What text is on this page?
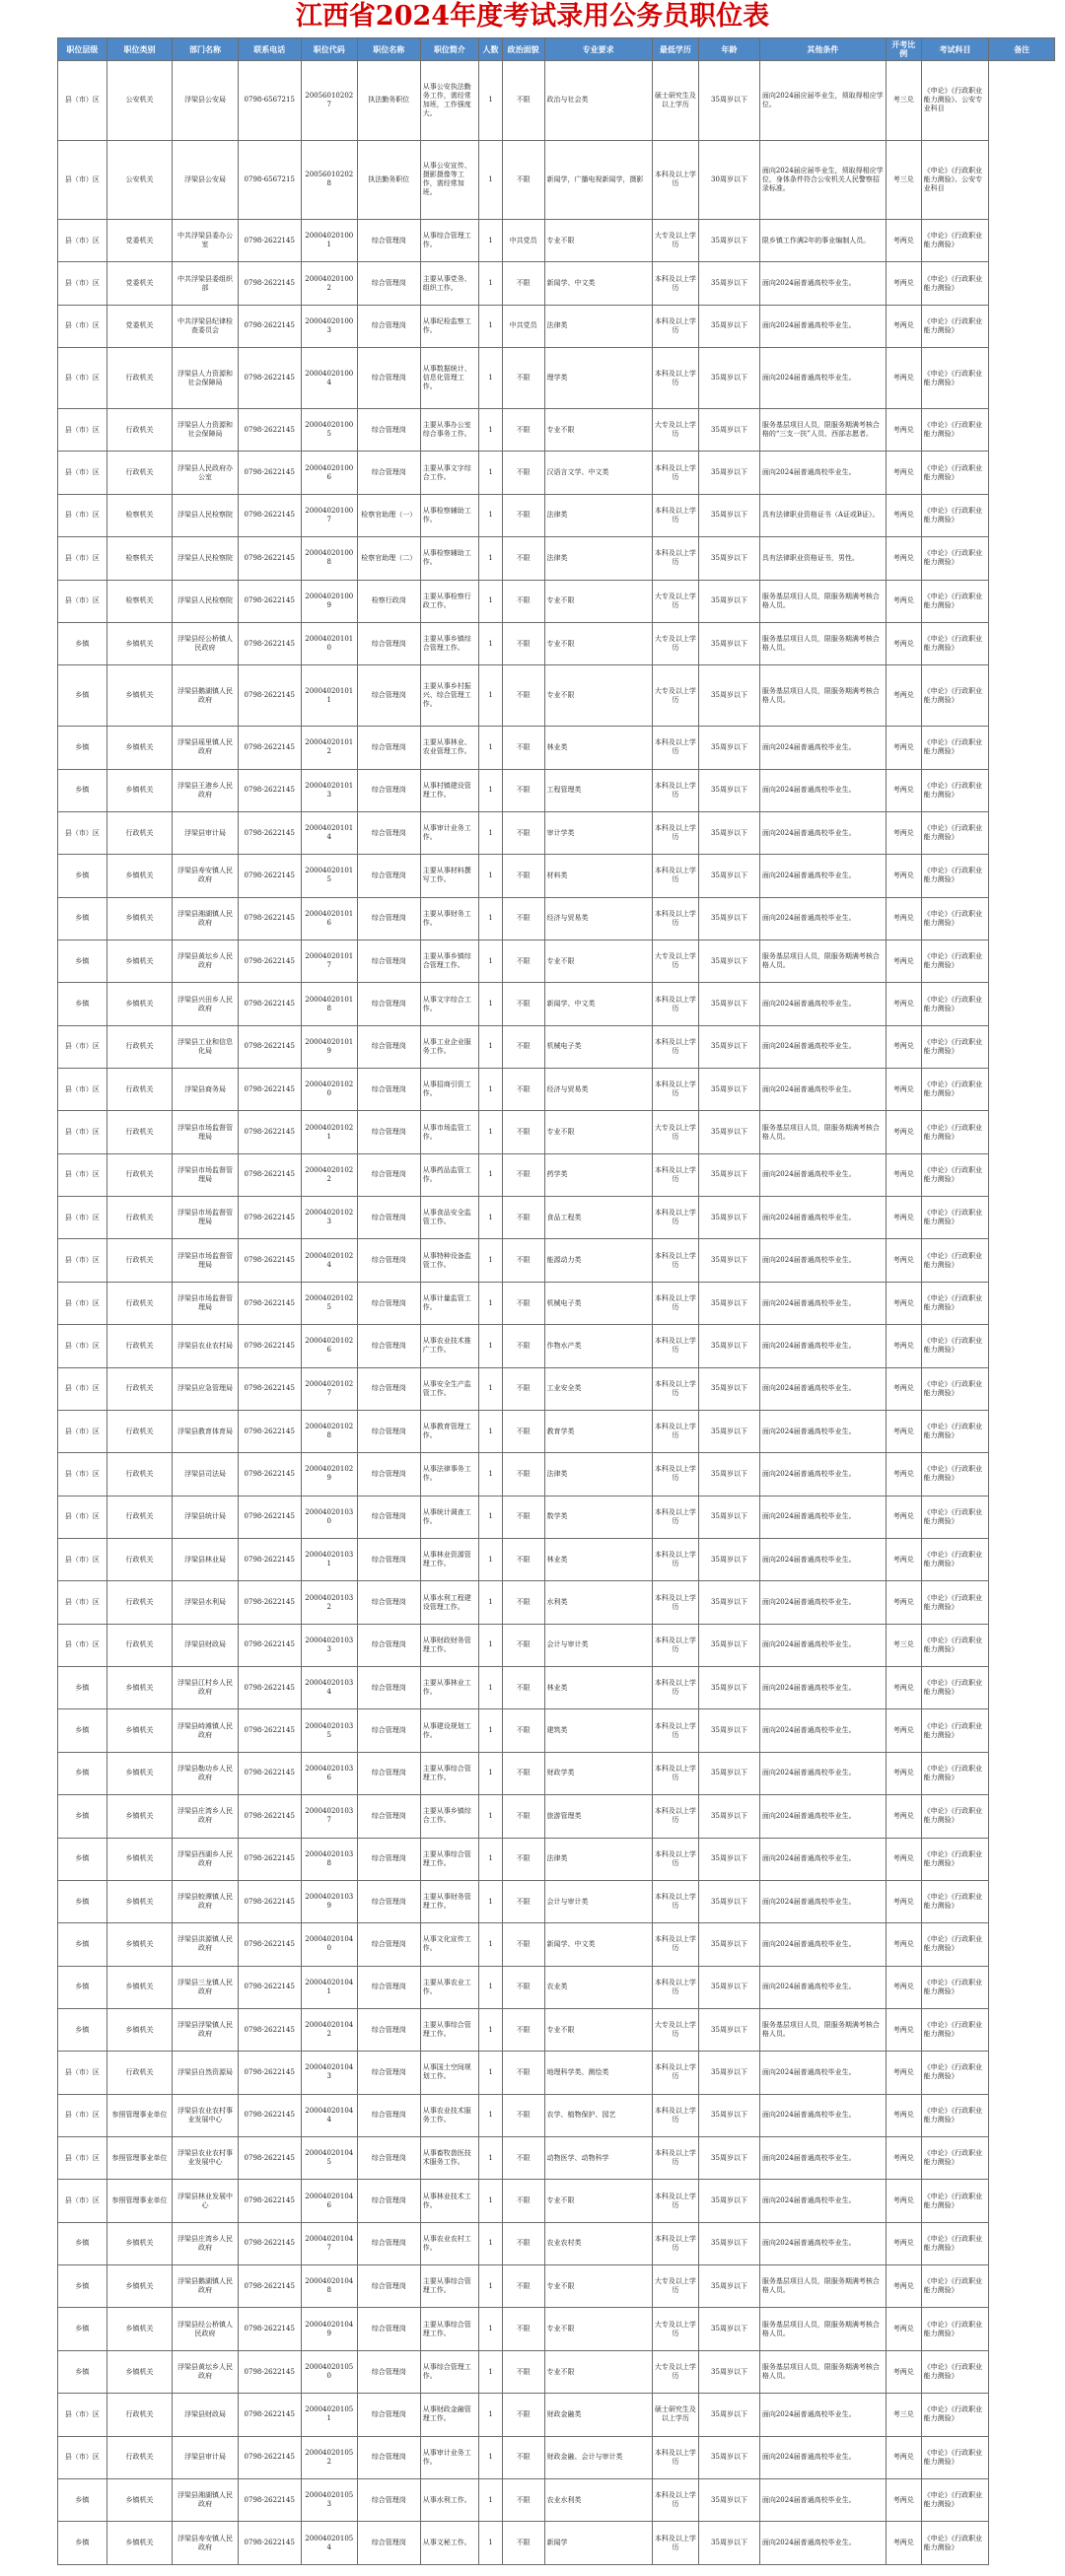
江西省2024年度考试录用公务员职位表
职位层级	职位类别	部门名称	联系电话	职位代码	职位名称	职位简介	人数	政治面貌	专业要求	最低学历	年龄	其他条件	开考比例	考试科目	备注
县（市）区	公安机关	浮梁县公安局	0798-6567215	200560102027	执法勤务职位	从事公安执法勤务工作，需经常加班，工作强度大。	1	不限	政治与社会类	硕士研究生及以上学历	35周岁以下	面向2024届应届毕业生，须取得相应学位。	考三兑	《申论》《行政职业能力测验》、公安专业科目	
县（市）区	公安机关	浮梁县公安局	0798-6567215	200560102028	执法勤务职位	从事公安宣传、摄影摄像等工作，需经常加班。	1	不限	新闻学，广播电视新闻学，摄影	本科及以上学历	30周岁以下	面向2024届应届毕业生，须取得相应学位，身体条件符合公安机关人民警察招录标准。	考三兑	《申论》《行政职业能力测验》、公安专业科目	
县（市）区	党委机关	中共浮梁县委办公室	0798-2622145	200040201001	综合管理岗	从事综合管理工作。	1	中共党员	专业不限	大专及以上学历	35周岁以下	限乡镇工作满2年的事业编制人员。	考两兑	《申论》《行政职业能力测验》	
县（市）区	党委机关	中共浮梁县委组织部	0798-2622145	200040201002	综合管理岗	主要从事党务、组织工作。	1	不限	新闻学、中文类	本科及以上学历	35周岁以下	面向2024届普通高校毕业生。	考两兑	《申论》《行政职业能力测验》	
县（市）区	党委机关	中共浮梁县纪律检查委员会	0798-2622145	200040201003	综合管理岗	从事纪检监察工作。	1	中共党员	法律类	本科及以上学历	35周岁以下	面向2024届普通高校毕业生。	考两兑	《申论》《行政职业能力测验》	
县（市）区	行政机关	浮梁县人力资源和社会保障局	0798-2622145	200040201004	综合管理岗	从事数据统计、信息化管理工作。	1	不限	理学类	本科及以上学历	35周岁以下	面向2024届普通高校毕业生。	考两兑	《申论》《行政职业能力测验》	
县（市）区	行政机关	浮梁县人力资源和社会保障局	0798-2622145	200040201005	综合管理岗	主要从事办公室综合事务工作。	1	不限	专业不限	大专及以上学历	35周岁以下	服务基层项目人员，限服务期满考核合格的“三支一扶”人员、西部志愿者。	考两兑	《申论》《行政职业能力测验》	
县（市）区	行政机关	浮梁县人民政府办公室	0798-2622145	200040201006	综合管理岗	主要从事文字综合工作。	1	不限	汉语言文学、中文类	本科及以上学历	35周岁以下	面向2024届普通高校毕业生。	考两兑	《申论》《行政职业能力测验》	
县（市）区	检察机关	浮梁县人民检察院	0798-2622145	200040201007	检察官助理（一）	从事检察辅助工作。	1	不限	法律类	本科及以上学历	35周岁以下	具有法律职业资格证书（A证或B证）。	考两兑	《申论》《行政职业能力测验》	
县（市）区	检察机关	浮梁县人民检察院	0798-2622145	200040201008	检察官助理（二）	从事检察辅助工作。	1	不限	法律类	本科及以上学历	35周岁以下	具有法律职业资格证书，男性。	考两兑	《申论》《行政职业能力测验》	
县（市）区	检察机关	浮梁县人民检察院	0798-2622145	200040201009	检察行政岗	主要从事检察行政工作。	1	不限	专业不限	大专及以上学历	35周岁以下	服务基层项目人员，限服务期满考核合格人员。	考两兑	《申论》《行政职业能力测验》	
乡镇	乡镇机关	浮梁县经公桥镇人民政府	0798-2622145	200040201010	综合管理岗	主要从事乡镇综合管理工作。	1	不限	专业不限	大专及以上学历	35周岁以下	服务基层项目人员，限服务期满考核合格人员。	考两兑	《申论》《行政职业能力测验》	
乡镇	乡镇机关	浮梁县鹅湖镇人民政府	0798-2622145	200040201011	综合管理岗	主要从事乡村振兴、综合管理工作。	1	不限	专业不限	大专及以上学历	35周岁以下	服务基层项目人员，限服务期满考核合格人员。	考两兑	《申论》《行政职业能力测验》	
乡镇	乡镇机关	浮梁县瑶里镇人民政府	0798-2622145	200040201012	综合管理岗	主要从事林业、农业管理工作。	1	不限	林业类	本科及以上学历	35周岁以下	面向2024届普通高校毕业生。	考两兑	《申论》《行政职业能力测验》	
乡镇	乡镇机关	浮梁县王港乡人民政府	0798-2622145	200040201013	综合管理岗	从事村镇建设管理工作。	1	不限	工程管理类	本科及以上学历	35周岁以下	面向2024届普通高校毕业生。	考两兑	《申论》《行政职业能力测验》	
县（市）区	行政机关	浮梁县审计局	0798-2622145	200040201014	综合管理岗	从事审计业务工作。	1	不限	审计学类	本科及以上学历	35周岁以下	面向2024届普通高校毕业生。	考两兑	《申论》《行政职业能力测验》	
乡镇	乡镇机关	浮梁县寿安镇人民政府	0798-2622145	200040201015	综合管理岗	主要从事材料撰写工作。	1	不限	材料类	本科及以上学历	35周岁以下	面向2024届普通高校毕业生。	考两兑	《申论》《行政职业能力测验》	
乡镇	乡镇机关	浮梁县湘湖镇人民政府	0798-2622145	200040201016	综合管理岗	主要从事财务工作。	1	不限	经济与贸易类	本科及以上学历	35周岁以下	面向2024届普通高校毕业生。	考两兑	《申论》《行政职业能力测验》	
乡镇	乡镇机关	浮梁县黄坛乡人民政府	0798-2622145	200040201017	综合管理岗	主要从事乡镇综合管理工作。	1	不限	专业不限	大专及以上学历	35周岁以下	服务基层项目人员，限服务期满考核合格人员。	考两兑	《申论》《行政职业能力测验》	
乡镇	乡镇机关	浮梁县兴田乡人民政府	0798-2622145	200040201018	综合管理岗	从事文字综合工作。	1	不限	新闻学、中文类	本科及以上学历	35周岁以下	面向2024届普通高校毕业生。	考两兑	《申论》《行政职业能力测验》	
县（市）区	行政机关	浮梁县工业和信息化局	0798-2622145	200040201019	综合管理岗	从事工业企业服务工作。	1	不限	机械电子类	本科及以上学历	35周岁以下	面向2024届普通高校毕业生。	考两兑	《申论》《行政职业能力测验》	
县（市）区	行政机关	浮梁县商务局	0798-2622145	200040201020	综合管理岗	从事招商引资工作。	1	不限	经济与贸易类	本科及以上学历	35周岁以下	面向2024届普通高校毕业生。	考两兑	《申论》《行政职业能力测验》	
县（市）区	行政机关	浮梁县市场监督管理局	0798-2622145	200040201021	综合管理岗	从事市场监管工作。	1	不限	专业不限	大专及以上学历	35周岁以下	服务基层项目人员，限服务期满考核合格人员。	考两兑	《申论》《行政职业能力测验》	
县（市）区	行政机关	浮梁县市场监督管理局	0798-2622145	200040201022	综合管理岗	从事药品监管工作。	1	不限	药学类	本科及以上学历	35周岁以下	面向2024届普通高校毕业生。	考两兑	《申论》《行政职业能力测验》	
县（市）区	行政机关	浮梁县市场监督管理局	0798-2622145	200040201023	综合管理岗	从事食品安全监管工作。	1	不限	食品工程类	本科及以上学历	35周岁以下	面向2024届普通高校毕业生。	考两兑	《申论》《行政职业能力测验》	
县（市）区	行政机关	浮梁县市场监督管理局	0798-2622145	200040201024	综合管理岗	从事特种设备监管工作。	1	不限	能源动力类	本科及以上学历	35周岁以下	面向2024届普通高校毕业生。	考两兑	《申论》《行政职业能力测验》	
县（市）区	行政机关	浮梁县市场监督管理局	0798-2622145	200040201025	综合管理岗	从事计量监管工作。	1	不限	机械电子类	本科及以上学历	35周岁以下	面向2024届普通高校毕业生。	考两兑	《申论》《行政职业能力测验》	
县（市）区	行政机关	浮梁县农业农村局	0798-2622145	200040201026	综合管理岗	从事农业技术推广工作。	1	不限	作物水产类	本科及以上学历	35周岁以下	面向2024届普通高校毕业生。	考两兑	《申论》《行政职业能力测验》	
县（市）区	行政机关	浮梁县应急管理局	0798-2622145	200040201027	综合管理岗	从事安全生产监管工作。	1	不限	工业安全类	本科及以上学历	35周岁以下	面向2024届普通高校毕业生。	考两兑	《申论》《行政职业能力测验》	
县（市）区	行政机关	浮梁县教育体育局	0798-2622145	200040201028	综合管理岗	从事教育管理工作。	1	不限	教育学类	本科及以上学历	35周岁以下	面向2024届普通高校毕业生。	考两兑	《申论》《行政职业能力测验》	
县（市）区	行政机关	浮梁县司法局	0798-2622145	200040201029	综合管理岗	从事法律事务工作。	1	不限	法律类	本科及以上学历	35周岁以下	面向2024届普通高校毕业生。	考两兑	《申论》《行政职业能力测验》	
县（市）区	行政机关	浮梁县统计局	0798-2622145	200040201030	综合管理岗	从事统计调查工作。	1	不限	数学类	本科及以上学历	35周岁以下	面向2024届普通高校毕业生。	考两兑	《申论》《行政职业能力测验》	
县（市）区	行政机关	浮梁县林业局	0798-2622145	200040201031	综合管理岗	从事林业资源管理工作。	1	不限	林业类	本科及以上学历	35周岁以下	面向2024届普通高校毕业生。	考两兑	《申论》《行政职业能力测验》	
县（市）区	行政机关	浮梁县水利局	0798-2622145	200040201032	综合管理岗	从事水利工程建设管理工作。	1	不限	水利类	本科及以上学历	35周岁以下	面向2024届普通高校毕业生。	考两兑	《申论》《行政职业能力测验》	
县（市）区	行政机关	浮梁县财政局	0798-2622145	200040201033	综合管理岗	从事财政财务管理工作。	1	不限	会计与审计类	本科及以上学历	35周岁以下	面向2024届普通高校毕业生。	考三兑	《申论》《行政职业能力测验》	
乡镇	乡镇机关	浮梁县江村乡人民政府	0798-2622145	200040201034	综合管理岗	主要从事林业工作。	1	不限	林业类	本科及以上学历	35周岁以下	面向2024届普通高校毕业生。	考两兑	《申论》《行政职业能力测验》	
乡镇	乡镇机关	浮梁县峙滩镇人民政府	0798-2622145	200040201035	综合管理岗	从事建设规划工作。	1	不限	建筑类	本科及以上学历	35周岁以下	面向2024届普通高校毕业生。	考两兑	《申论》《行政职业能力测验》	
乡镇	乡镇机关	浮梁县勒功乡人民政府	0798-2622145	200040201036	综合管理岗	主要从事综合管理工作。	1	不限	财政学类	本科及以上学历	35周岁以下	面向2024届普通高校毕业生。	考两兑	《申论》《行政职业能力测验》	
乡镇	乡镇机关	浮梁县庄湾乡人民政府	0798-2622145	200040201037	综合管理岗	主要从事乡镇综合工作。	1	不限	旅游管理类	本科及以上学历	35周岁以下	面向2024届普通高校毕业生。	考两兑	《申论》《行政职业能力测验》	
乡镇	乡镇机关	浮梁县西湖乡人民政府	0798-2622145	200040201038	综合管理岗	主要从事综合管理工作。	1	不限	法律类	本科及以上学历	35周岁以下	面向2024届普通高校毕业生。	考两兑	《申论》《行政职业能力测验》	
乡镇	乡镇机关	浮梁县蛟潭镇人民政府	0798-2622145	200040201039	综合管理岗	主要从事财务管理工作。	1	不限	会计与审计类	本科及以上学历	35周岁以下	面向2024届普通高校毕业生。	考两兑	《申论》《行政职业能力测验》	
乡镇	乡镇机关	浮梁县洪源镇人民政府	0798-2622145	200040201040	综合管理岗	从事文化宣传工作。	1	不限	新闻学、中文类	本科及以上学历	35周岁以下	面向2024届普通高校毕业生。	考两兑	《申论》《行政职业能力测验》	
乡镇	乡镇机关	浮梁县三龙镇人民政府	0798-2622145	200040201041	综合管理岗	主要从事农业工作。	1	不限	农业类	本科及以上学历	35周岁以下	面向2024届普通高校毕业生。	考两兑	《申论》《行政职业能力测验》	
乡镇	乡镇机关	浮梁县浮梁镇人民政府	0798-2622145	200040201042	综合管理岗	主要从事综合管理工作。	1	不限	专业不限	大专及以上学历	35周岁以下	服务基层项目人员，限服务期满考核合格人员。	考两兑	《申论》《行政职业能力测验》	
县（市）区	行政机关	浮梁县自然资源局	0798-2622145	200040201043	综合管理岗	从事国土空间规划工作。	1	不限	地理科学类、测绘类	本科及以上学历	35周岁以下	面向2024届普通高校毕业生。	考两兑	《申论》《行政职业能力测验》	
县（市）区	参照管理事业单位	浮梁县农业农村事业发展中心	0798-2622145	200040201044	综合管理岗	从事农业技术服务工作。	1	不限	农学、植物保护、园艺	本科及以上学历	35周岁以下	面向2024届普通高校毕业生。	考两兑	《申论》《行政职业能力测验》	
县（市）区	参照管理事业单位	浮梁县农业农村事业发展中心	0798-2622145	200040201045	综合管理岗	从事畜牧兽医技术服务工作。	1	不限	动物医学、动物科学	本科及以上学历	35周岁以下	面向2024届普通高校毕业生。	考两兑	《申论》《行政职业能力测验》	
县（市）区	参照管理事业单位	浮梁县林业发展中心	0798-2622145	200040201046	综合管理岗	从事林业技术工作。	1	不限	专业不限	本科及以上学历	35周岁以下	面向2024届普通高校毕业生。	考两兑	《申论》《行政职业能力测验》	
乡镇	乡镇机关	浮梁县庄湾乡人民政府	0798-2622145	200040201047	综合管理岗	从事农业农村工作。	1	不限	农业农村类	本科及以上学历	35周岁以下	面向2024届普通高校毕业生。	考两兑	《申论》《行政职业能力测验》	
乡镇	乡镇机关	浮梁县鹅湖镇人民政府	0798-2622145	200040201048	综合管理岗	主要从事综合管理工作。	1	不限	专业不限	大专及以上学历	35周岁以下	服务基层项目人员，限服务期满考核合格人员。	考两兑	《申论》《行政职业能力测验》	
乡镇	乡镇机关	浮梁县经公桥镇人民政府	0798-2622145	200040201049	综合管理岗	主要从事综合管理工作。	1	不限	专业不限	大专及以上学历	35周岁以下	服务基层项目人员，限服务期满考核合格人员。	考两兑	《申论》《行政职业能力测验》	
乡镇	乡镇机关	浮梁县黄坛乡人民政府	0798-2622145	200040201050	综合管理岗	从事综合管理工作。	1	不限	专业不限	大专及以上学历	35周岁以下	服务基层项目人员，限服务期满考核合格人员。	考两兑	《申论》《行政职业能力测验》	
县（市）区	行政机关	浮梁县财政局	0798-2622145	200040201051	综合管理岗	从事财政金融管理工作。	1	不限	财政金融类	硕士研究生及以上学历	35周岁以下	面向2024届普通高校毕业生。	考三兑	《申论》《行政职业能力测验》	
县（市）区	行政机关	浮梁县审计局	0798-2622145	200040201052	综合管理岗	从事审计业务工作。	1	不限	财政金融、会计与审计类	本科及以上学历	35周岁以下	面向2024届普通高校毕业生。	考两兑	《申论》《行政职业能力测验》	
乡镇	乡镇机关	浮梁县湘湖镇人民政府	0798-2622145	200040201053	综合管理岗	从事水利工作。	1	不限	农业水利类	本科及以上学历	35周岁以下	面向2024届普通高校毕业生。	考两兑	《申论》《行政职业能力测验》	
乡镇	乡镇机关	浮梁县寿安镇人民政府	0798-2622145	200040201054	综合管理岗	从事文秘工作。	1	不限	新闻学	本科及以上学历	35周岁以下	面向2024届普通高校毕业生。	考两兑	《申论》《行政职业能力测验》	
